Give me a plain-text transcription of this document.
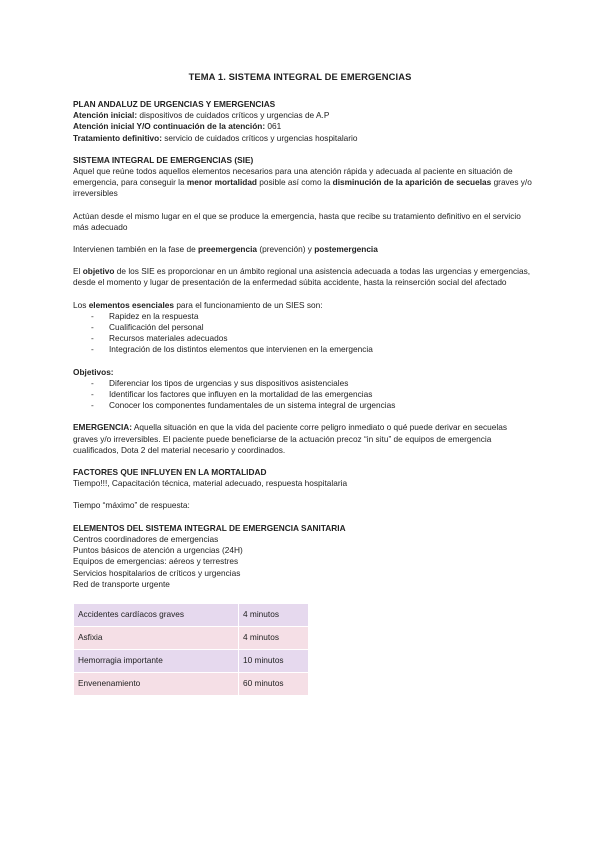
TEMA 1. SISTEMA INTEGRAL DE EMERGENCIAS

PLAN ANDALUZ DE URGENCIAS Y EMERGENCIAS

Atención inicial: dispositivos de cuidados críticos y urgencias de A.P

Atención inicial Y/O continuación de la atención: 061

Tratamiento definitivo: servicio de cuidados críticos y urgencias hospitalario

SISTEMA INTEGRAL DE EMERGENCIAS (SIE)

Aquel que reúne todos aquellos elementos necesarios para una atención rápida y adecuada al paciente en situación de emergencia, para conseguir la menor mortalidad posible así como la disminución de la aparición de secuelas graves y/o irreversibles

Actúan desde el mismo lugar en el que se produce la emergencia, hasta que recibe su tratamiento definitivo en el servicio más adecuado

Intervienen también en la fase de preemergencia (prevención) y postemergencia

El objetivo de los SIE es proporcionar en un ámbito regional una asistencia adecuada a todas las urgencias y emergencias, desde el momento y lugar de presentación de la enfermedad súbita accidente, hasta la reinserción social del afectado

Los elementos esenciales para el funcionamiento de un SIES son:

- Rapidez en la respuesta
- Cualificación del personal
- Recursos materiales adecuados
- Integración de los distintos elementos que intervienen en la emergencia

Objetivos:

- Diferenciar los tipos de urgencias y sus dispositivos asistenciales
- Identificar los factores que influyen en la mortalidad de las emergencias
- Conocer los componentes fundamentales de un sistema integral de urgencias

EMERGENCIA: Aquella situación en que la vida del paciente corre peligro inmediato o qué puede derivar en secuelas graves y/o irreversibles. El paciente puede beneficiarse de la actuación precoz “in situ” de equipos de emergencia cualificados, Dota 2 del material necesario y coordinados.

FACTORES QUE INFLUYEN EN LA MORTALIDAD

Tiempo!!!, Capacitación técnica, material adecuado, respuesta hospitalaria

Tiempo “máximo” de respuesta:

ELEMENTOS DEL SISTEMA INTEGRAL DE EMERGENCIA SANITARIA

Centros coordinadores de emergencias

Puntos básicos de atención a urgencias (24H)

Equipos de emergencias: aéreos y terrestres

Servicios hospitalarios de críticos y urgencias

Red de transporte urgente

Accidentes cardíacos graves	4 minutos
Asfixia	4 minutos
Hemorragia importante	10 minutos
Envenenamiento	60 minutos
